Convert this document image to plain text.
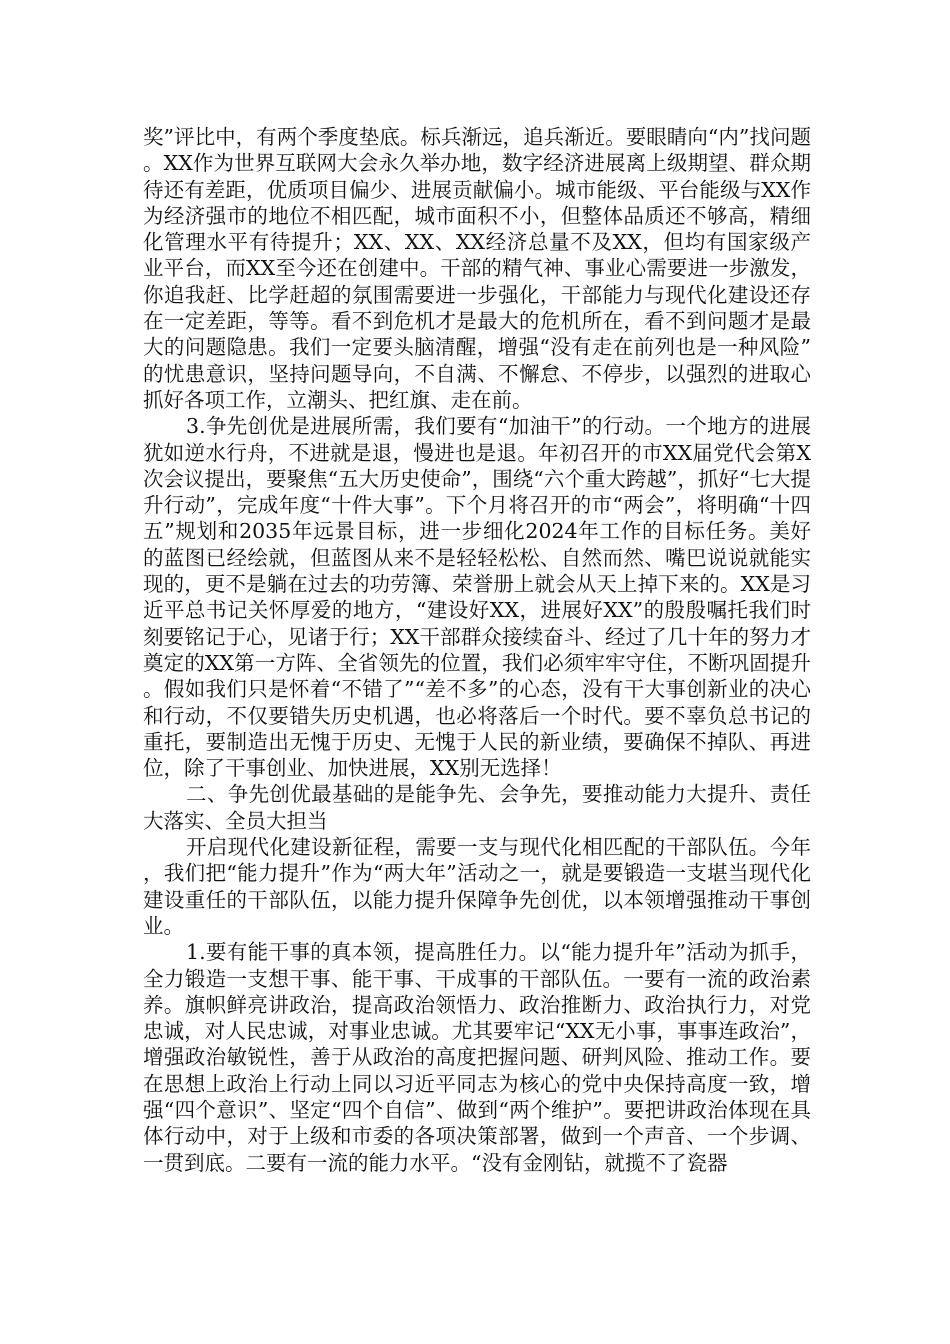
奖”评比中，有两个季度垫底。标兵渐远，追兵渐近。要眼睛向“内”找问题。XX作为世界互联网大会永久举办地，数字经济进展离上级期望、群众期待还有差距，优质项目偏少、进展贡献偏小。城市能级、平台能级与XX作为经济强市的地位不相匹配，城市面积不小，但整体品质还不够高，精细化管理水平有待提升；XX、XX、XX经济总量不及XX，但均有国家级产业平台，而XX至今还在创建中。干部的精气神、事业心需要进一步激发，你追我赶、比学赶超的氛围需要进一步强化，干部能力与现代化建设还存在一定差距，等等。看不到危机才是最大的危机所在，看不到问题才是最大的问题隐患。我们一定要头脑清醒，增强“没有走在前列也是一种风险”的忧患意识，坚持问题导向，不自满、不懈怠、不停步，以强烈的进取心抓好各项工作，立潮头、把红旗、走在前。

3.争先创优是进展所需，我们要有“加油干”的行动。一个地方的进展犹如逆水行舟，不进就是退，慢进也是退。年初召开的市XX届党代会第X次会议提出，要聚焦“五大历史使命”，围绕“六个重大跨越”，抓好“七大提升行动”，完成年度“十件大事”。下个月将召开的市“两会”，将明确“十四五”规划和2035年远景目标，进一步细化2024年工作的目标任务。美好的蓝图已经绘就，但蓝图从来不是轻轻松松、自然而然、嘴巴说说就能实现的，更不是躺在过去的功劳簿、荣誉册上就会从天上掉下来的。XX是习近平总书记关怀厚爱的地方，“建设好XX，进展好XX”的殷殷嘱托我们时刻要铭记于心，见诸于行；XX干部群众接续奋斗、经过了几十年的努力才奠定的XX第一方阵、全省领先的位置，我们必须牢牢守住，不断巩固提升。假如我们只是怀着“不错了”“差不多”的心态，没有干大事创新业的决心和行动，不仅要错失历史机遇，也必将落后一个时代。要不辜负总书记的重托，要制造出无愧于历史、无愧于人民的新业绩，要确保不掉队、再进位，除了干事创业、加快进展，XX别无选择！

二、争先创优最基础的是能争先、会争先，要推动能力大提升、责任大落实、全员大担当

开启现代化建设新征程，需要一支与现代化相匹配的干部队伍。今年，我们把“能力提升”作为“两大年”活动之一，就是要锻造一支堪当现代化建设重任的干部队伍，以能力提升保障争先创优，以本领增强推动干事创业。

1.要有能干事的真本领，提高胜任力。以“能力提升年”活动为抓手，全力锻造一支想干事、能干事、干成事的干部队伍。一要有一流的政治素养。旗帜鲜亮讲政治，提高政治领悟力、政治推断力、政治执行力，对党忠诚，对人民忠诚，对事业忠诚。尤其要牢记“XX无小事，事事连政治”，增强政治敏锐性，善于从政治的高度把握问题、研判风险、推动工作。要在思想上政治上行动上同以习近平同志为核心的党中央保持高度一致，增强“四个意识”、坚定“四个自信”、做到“两个维护”。要把讲政治体现在具体行动中，对于上级和市委的各项决策部署，做到一个声音、一个步调、一贯到底。二要有一流的能力水平。“没有金刚钻，就揽不了瓷器
